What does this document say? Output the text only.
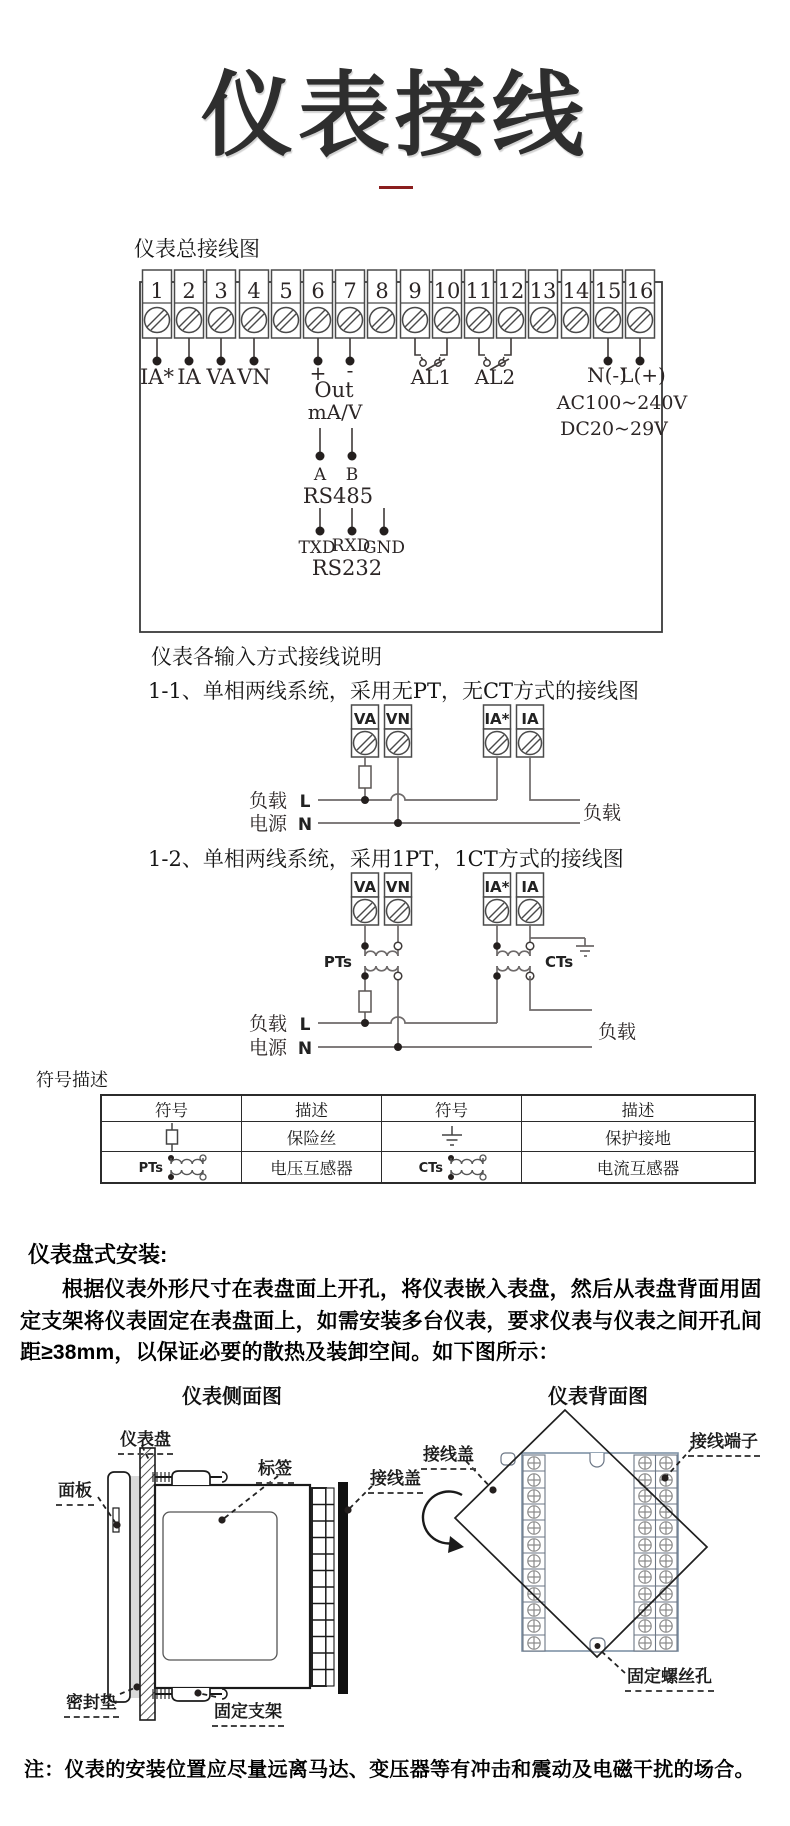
仪表接线
仪表总接线图
1 2 3 4 5 6 7 8 9 10 11 12 13 14 15 16
IA* IA VA VN + -
Out
mA/V
AL1 AL2	N(-)
L(+)
AC100~240V
DC20~29V
A B
RS485
TXD
RXD
GND
RS232
仪表各输入方式接线说明
1-1、单相两线系统，采用无PT，无CT方式的接线图
VA VN	IA* IA
负载 L
电源 N
负载
1-2、单相两线系统，采用1PT，1CT方式的接线图
VA VN	IA* IA
PTs	CTs
负载 L
电源 N
负载
符号描述
符号	描述	符号	描述
保险丝	保护接地
PTs	电压互感器	CTs	电流互感器
仪表盘式安装:
根据仪表外形尺寸在表盘面上开孔，将仪表嵌入表盘，然后从表盘背面用固定支架将仪表固定在表盘面上，如需安装多台仪表，要求仪表与仪表之间开孔间距≥38mm，以保证必要的散热及装卸空间。如下图所示：
仪表侧面图	仪表背面图
仪表盘
标签
面板
接线盖
密封垫	固定支架
接线盖
接线端子
固定螺丝孔
注：仪表的安装位置应尽量远离马达、变压器等有冲击和震动及电磁干扰的场合。
